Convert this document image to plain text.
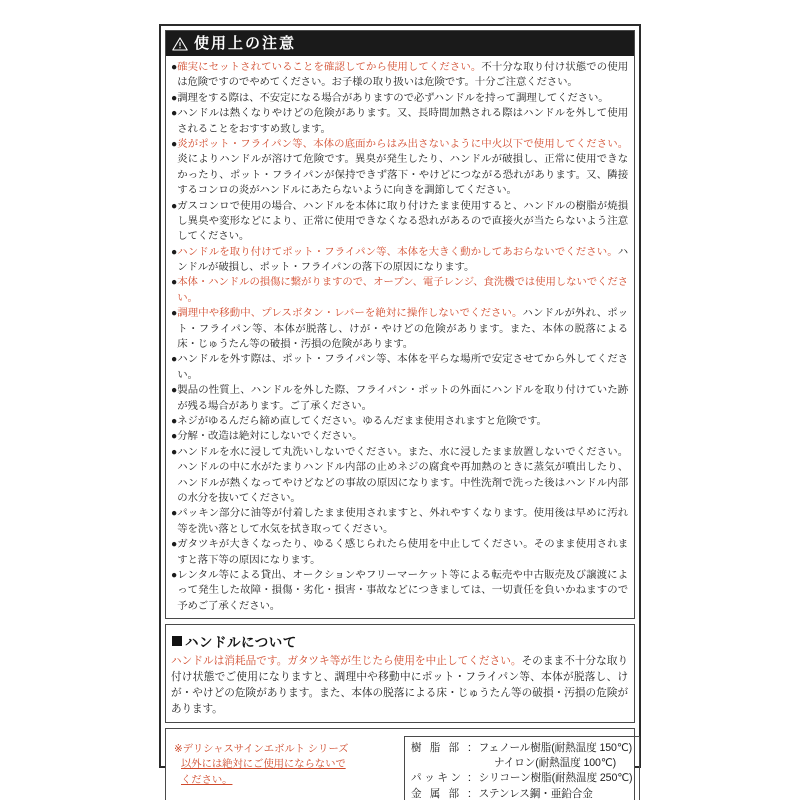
使用上の注意
● 確実にセットされていることを確認してから使用してください。不十分な取り付け状態での使用は危険ですのでやめてください。お子様の取り扱いは危険です。十分ご注意ください。
● 調理をする際は、不安定になる場合がありますので必ずハンドルを持って調理してください。
● ハンドルは熱くなりやけどの危険があります。又、長時間加熱される際はハンドルを外して使用されることをおすすめ致します。
● 炎がポット・フライパン等、本体の底面からはみ出さないように中火以下で使用してください。炎によりハンドルが溶けて危険です。異臭が発生したり、ハンドルが破損し、正常に使用できなかったり、ポット・フライパンが保持できず落下・やけどにつながる恐れがあります。又、隣接するコンロの炎がハンドルにあたらないように向きを調節してください。
● ガスコンロで使用の場合、ハンドルを本体に取り付けたまま使用すると、ハンドルの樹脂が焼損し異臭や変形などにより、正常に使用できなくなる恐れがあるので直接火が当たらないよう注意してください。
● ハンドルを取り付けてポット・フライパン等、本体を大きく動かしてあおらないでください。ハンドルが破損し、ポット・フライパンの落下の原因になります。
● 本体・ハンドルの損傷に繋がりますので、オーブン、電子レンジ、食洗機では使用しないでください。
● 調理中や移動中、プレスボタン・レバーを絶対に操作しないでください。ハンドルが外れ、ポット・フライパン等、本体が脱落し、けが・やけどの危険があります。また、本体の脱落による床・じゅうたん等の破損・汚損の危険があります。
● ハンドルを外す際は、ポット・フライパン等、本体を平らな場所で安定させてから外してください。
● 製品の性質上、ハンドルを外した際、フライパン・ポットの外面にハンドルを取り付けていた跡が残る場合があります。ご了承ください。
● ネジがゆるんだら締め直してください。ゆるんだまま使用されますと危険です。
● 分解・改造は絶対にしないでください。
● ハンドルを水に浸して丸洗いしないでください。また、水に浸したまま放置しないでください。ハンドルの中に水がたまりハンドル内部の止めネジの腐食や再加熱のときに蒸気が噴出したり、ハンドルが熱くなってやけどなどの事故の原因になります。中性洗剤で洗った後はハンドル内部の水分を抜いてください。
● パッキン部分に油等が付着したまま使用されますと、外れやすくなります。使用後は早めに汚れ等を洗い落として水気を拭き取ってください。
● ガタツキが大きくなったり、ゆるく感じられたら使用を中止してください。そのまま使用されますと落下等の原因になります。
● レンタル等による貸出、オークションやフリーマーケット等による転売や中古販売及び譲渡によって発生した故障・損傷・劣化・損害・事故などにつきましては、一切責任を負いかねますので予めご了承ください。
ハンドルについて
ハンドルは消耗品です。ガタツキ等が生じたら使用を中止してください。そのまま不十分な取り付け状態でご使用になりますと、調理中や移動中にポット・フライパン等、本体が脱落し、けが・やけどの危険があります。また、本体の脱落による床・じゅうたん等の破損・汚損の危険があります。
※デリシャスサインエボルト シリーズ
以外には絶対にご使用にならないで
ください。
樹 脂 部 ： フェノール樹脂(耐熱温度 150℃)
ナイロン(耐熱温度 100℃)
パッキン ： シリコーン樹脂(耐熱温度 250℃)
金 属 部 ： ステンレス鋼・亜鉛合金
